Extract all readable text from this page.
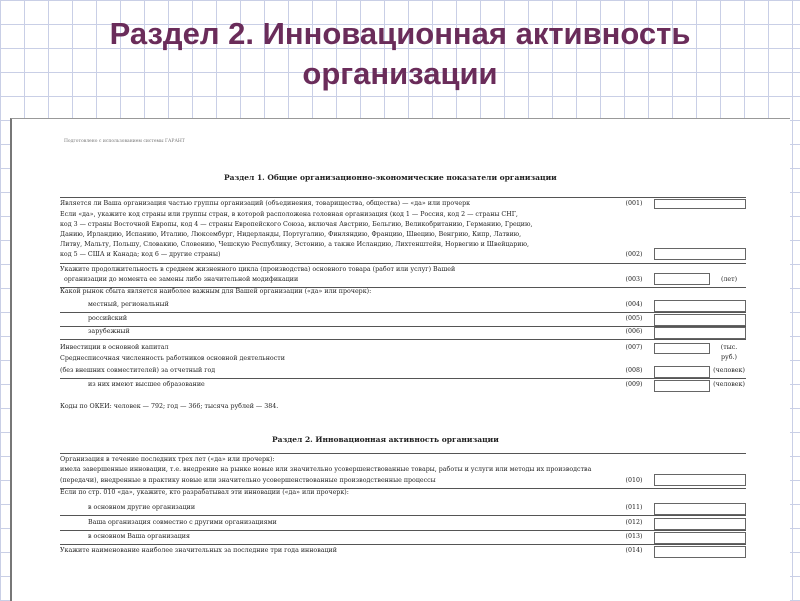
Раздел 2. Инновационная активность
организации
Подготовлено с использованием системы ГАРАНТ
Раздел 1. Общие организационно-экономические показатели организации
Является ли Ваша организация частью группы организаций (объединения, товарищества, общества) — «да» или прочерк	(001)
Если «да», укажите код страны или группы стран, в которой расположена головная организация (код 1 — Россия, код 2 — страны СНГ,
код 3 — страны Восточной Европы, код 4 — страны Европейского Союза, включая Австрию, Бельгию, Великобританию, Германию, Грецию,
Данию, Ирландию, Испанию, Италию, Люксембург, Нидерланды, Португалию, Финляндию, Францию, Швецию, Венгрию, Кипр, Латвию,
Литву, Мальту, Польшу, Словакию, Словению, Чешскую Республику, Эстонию, а также Исландию, Лихтенштейн, Норвегию и Швейцарию,
код 5 — США и Канада; код 6 — другие страны)	(002)
Укажите продолжительность в среднем жизненного цикла (производства) основного товара (работ или услуг) Вашей
организации до момента ее замены либо значительной модификации	(003)	(лет)
Какой рынок сбыта является наиболее важным для Вашей организации («да» или прочерк):
местный, региональный	(004)
российский	(005)
зарубежный	(006)
Инвестиции в основной капитал	(007)	(тыс. руб.)
Среднесписочная численность работников основной деятельности
(без внешних совместителей) за отчетный год	(008)	(человек)
из них имеют высшее образование	(009)	(человек)
Коды по ОКЕИ: человек — 792; год — 366; тысяча рублей — 384.
Раздел 2. Инновационная активность организации
Организация в течение последних трех лет («да» или прочерк):
имела завершенные инновации, т.е. внедрение на рынке новые или значительно усовершенствованные товары, работы и услуги или методы их производства
(передачи), внедренные в практику новые или значительно усовершенствованные производственные процессы	(010)
Если по стр. 010 «да», укажите, кто разрабатывал эти инновации («да» или прочерк):
в основном другие организации	(011)
Ваша организация совместно с другими организациями	(012)
в основном Ваша организация	(013)
Укажите наименование наиболее значительных за последние три года инноваций	(014)
